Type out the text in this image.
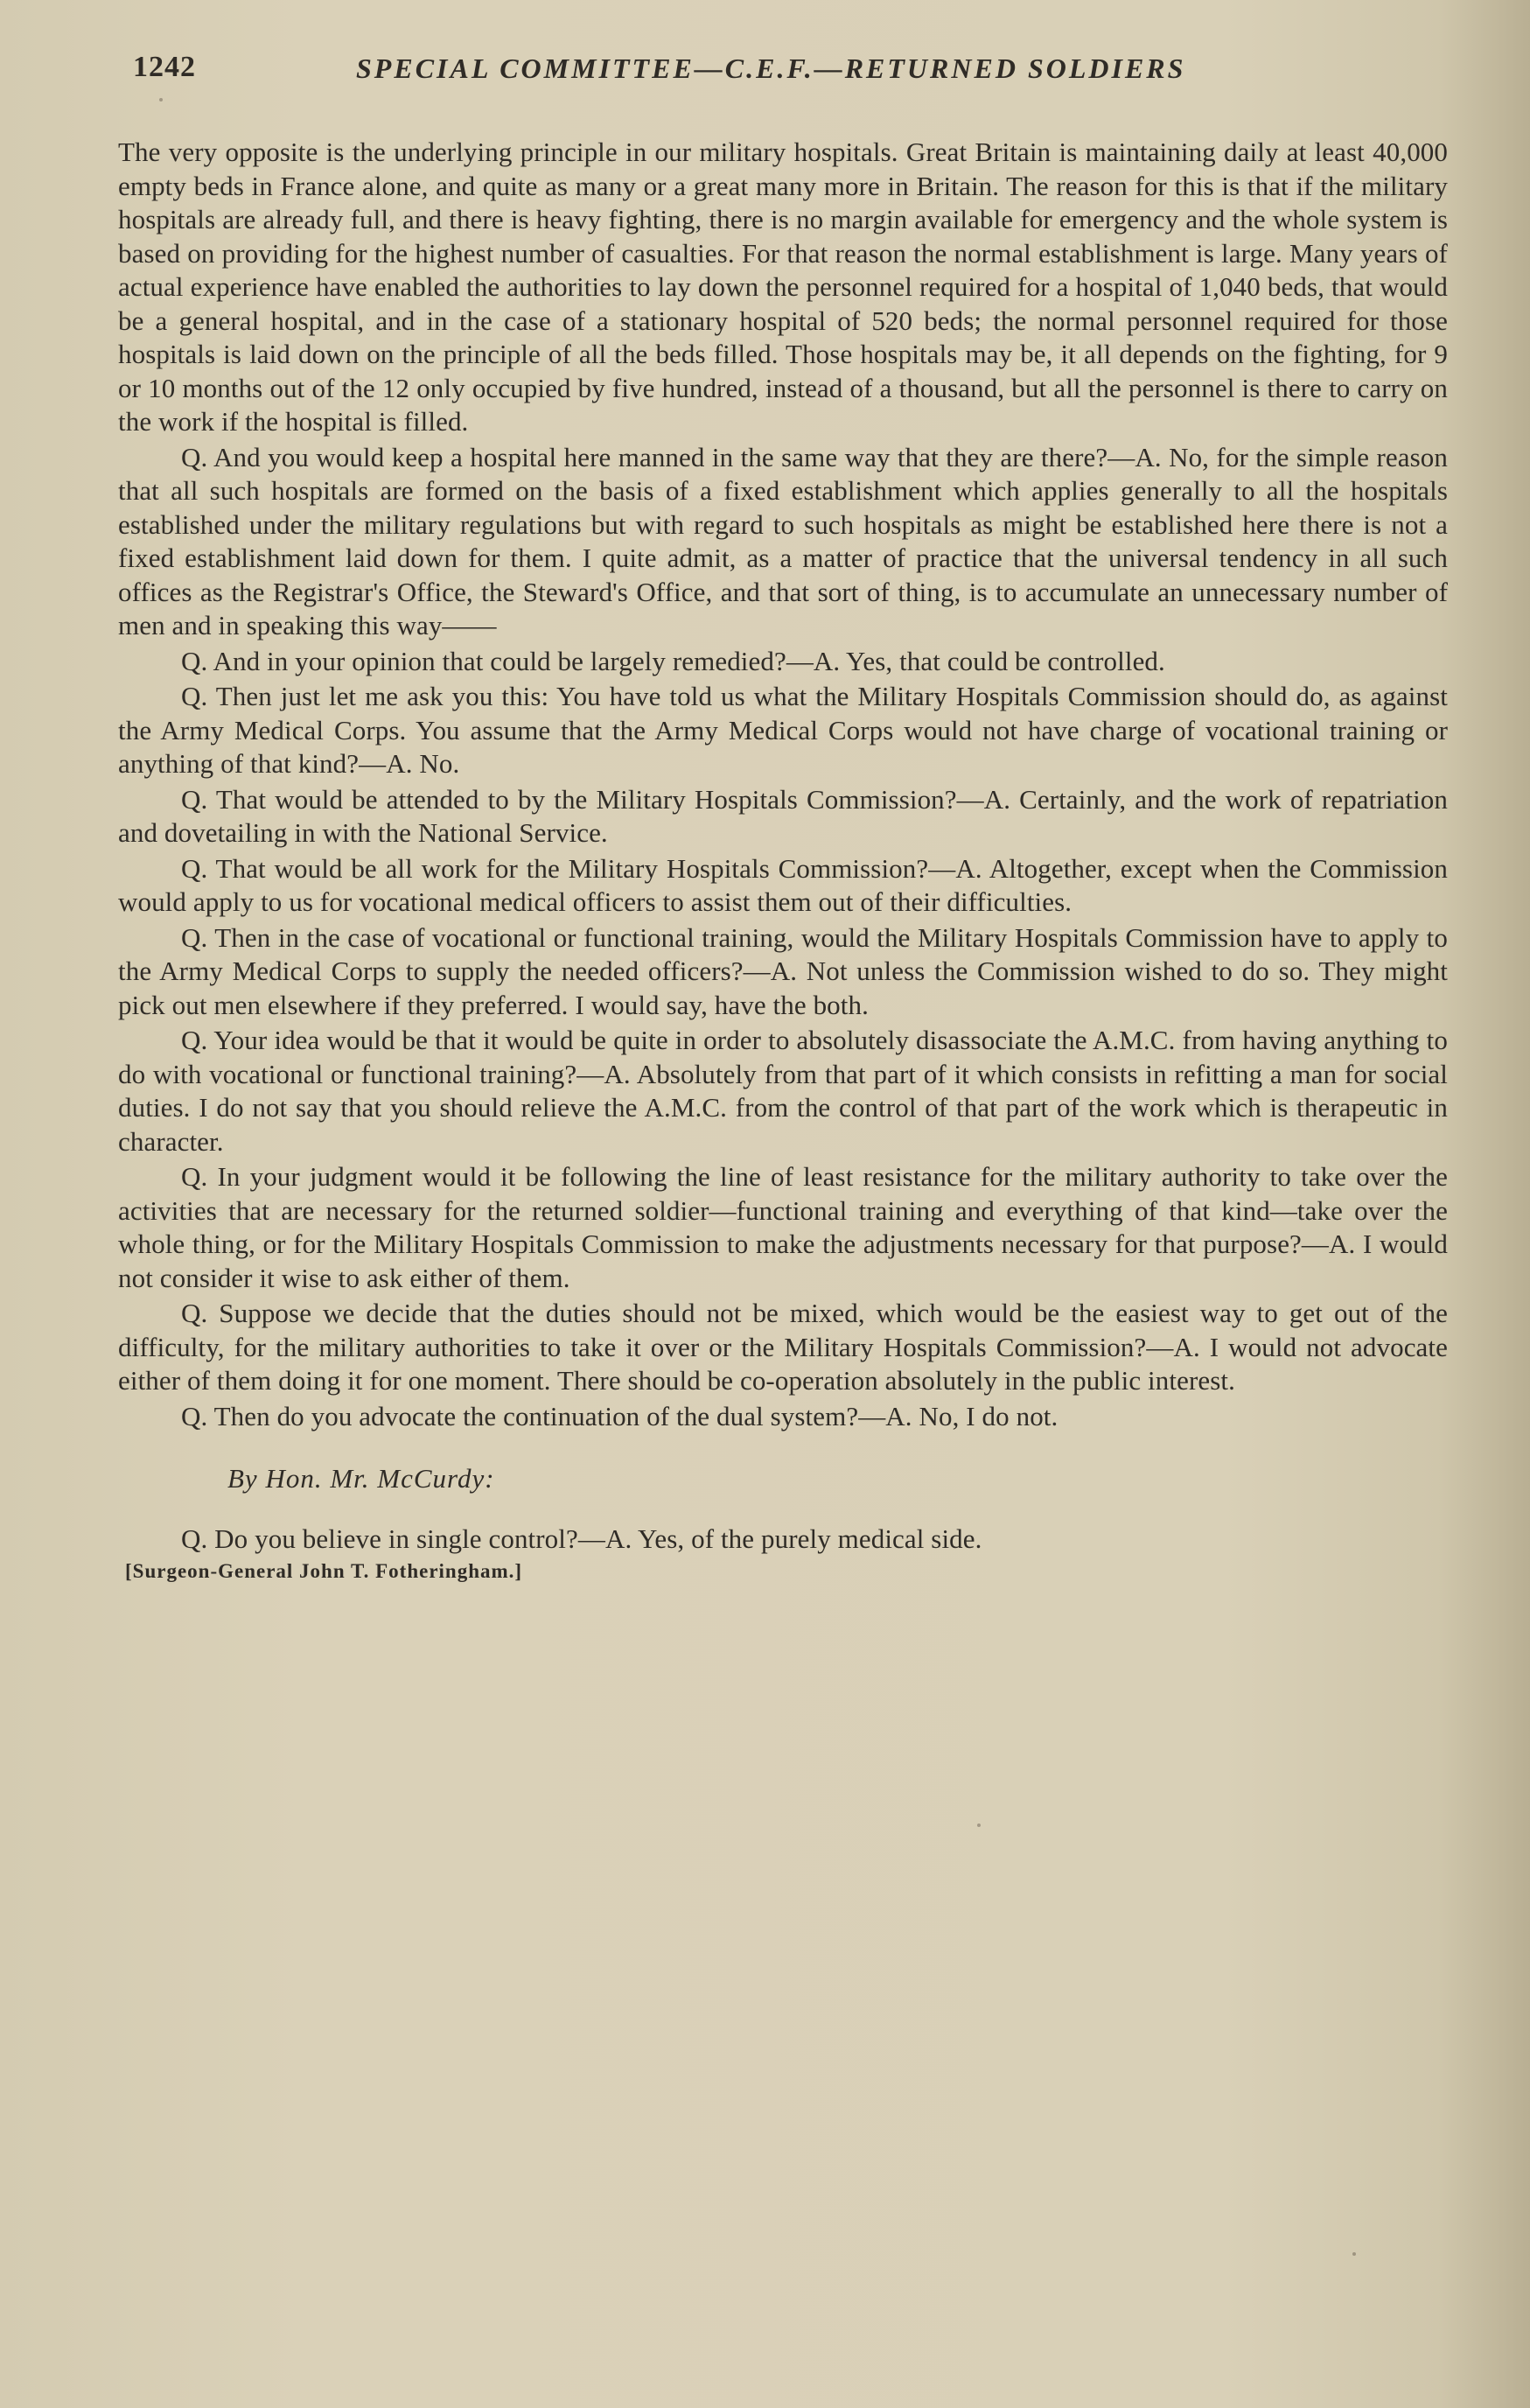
1242	SPECIAL COMMITTEE—C.E.F.—RETURNED SOLDIERS

The very opposite is the underlying principle in our military hospitals. Great Britain is maintaining daily at least 40,000 empty beds in France alone, and quite as many or a great many more in Britain. The reason for this is that if the military hospitals are already full, and there is heavy fighting, there is no margin available for emergency and the whole system is based on providing for the highest number of casualties. For that reason the normal establishment is large. Many years of actual experience have enabled the authorities to lay down the personnel required for a hospital of 1,040 beds, that would be a general hospital, and in the case of a stationary hospital of 520 beds; the normal personnel required for those hospitals is laid down on the principle of all the beds filled. Those hospitals may be, it all depends on the fighting, for 9 or 10 months out of the 12 only occupied by five hundred, instead of a thousand, but all the personnel is there to carry on the work if the hospital is filled.

Q. And you would keep a hospital here manned in the same way that they are there?—A. No, for the simple reason that all such hospitals are formed on the basis of a fixed establishment which applies generally to all the hospitals established under the military regulations but with regard to such hospitals as might be established here there is not a fixed establishment laid down for them. I quite admit, as a matter of practice that the universal tendency in all such offices as the Registrar's Office, the Steward's Office, and that sort of thing, is to accumulate an unnecessary number of men and in speaking this way——

Q. And in your opinion that could be largely remedied?—A. Yes, that could be controlled.

Q. Then just let me ask you this: You have told us what the Military Hospitals Commission should do, as against the Army Medical Corps. You assume that the Army Medical Corps would not have charge of vocational training or anything of that kind?—A. No.

Q. That would be attended to by the Military Hospitals Commission?—A. Certainly, and the work of repatriation and dovetailing in with the National Service.

Q. That would be all work for the Military Hospitals Commission?—A. Altogether, except when the Commission would apply to us for vocational medical officers to assist them out of their difficulties.

Q. Then in the case of vocational or functional training, would the Military Hospitals Commission have to apply to the Army Medical Corps to supply the needed officers?—A. Not unless the Commission wished to do so. They might pick out men elsewhere if they preferred. I would say, have the both.

Q. Your idea would be that it would be quite in order to absolutely disassociate the A.M.C. from having anything to do with vocational or functional training?—A. Absolutely from that part of it which consists in refitting a man for social duties. I do not say that you should relieve the A.M.C. from the control of that part of the work which is therapeutic in character.

Q. In your judgment would it be following the line of least resistance for the military authority to take over the activities that are necessary for the returned soldier—functional training and everything of that kind—take over the whole thing, or for the Military Hospitals Commission to make the adjustments necessary for that purpose?—A. I would not consider it wise to ask either of them.

Q. Suppose we decide that the duties should not be mixed, which would be the easiest way to get out of the difficulty, for the military authorities to take it over or the Military Hospitals Commission?—A. I would not advocate either of them doing it for one moment. There should be co-operation absolutely in the public interest.

Q. Then do you advocate the continuation of the dual system?—A. No, I do not.

By Hon. Mr. McCurdy:

Q. Do you believe in single control?—A. Yes, of the purely medical side.

[Surgeon-General John T. Fotheringham.]
